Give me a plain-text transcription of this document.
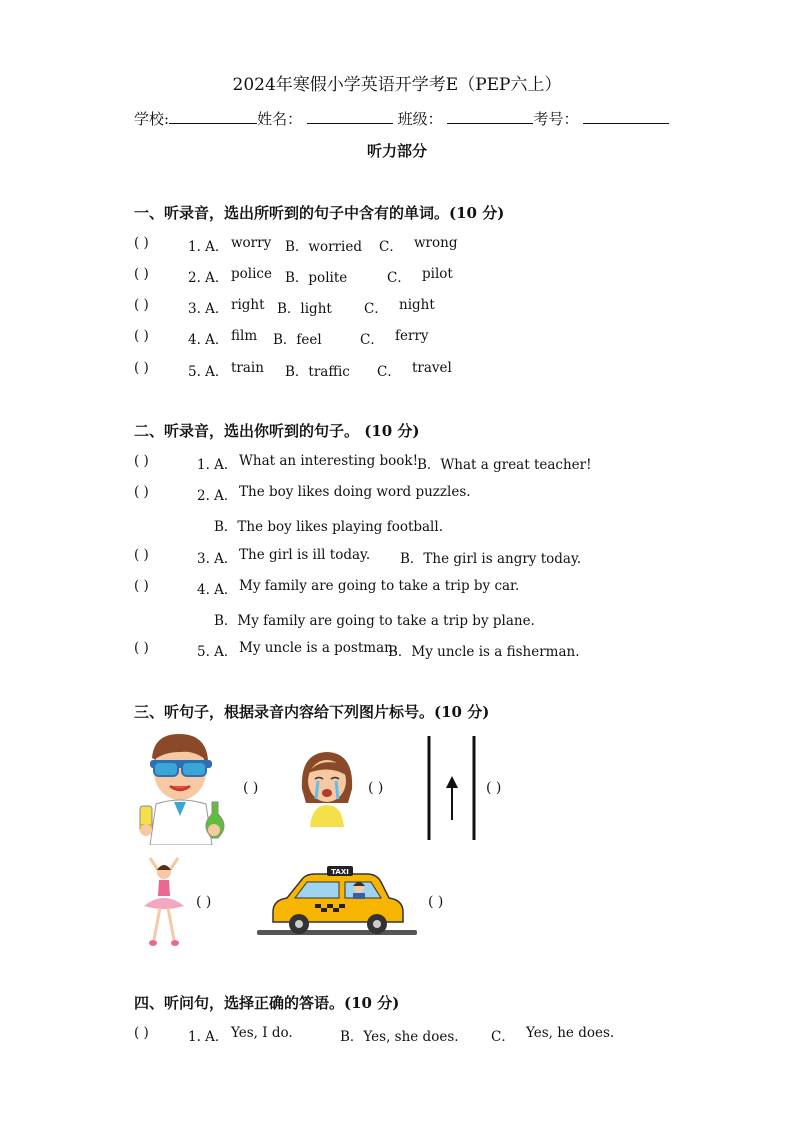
2024年寒假小学英语开学考E（PEP六上）
学校:	姓名：	班级：	考号：
听力部分
一、听录音，选出所听到的句子中含有的单词。(10 分)
( )	1. A． worry B．worried C． wrong
( )	2. A． police B．polite	C． pilot
( )	3. A． right B．light C． night
( )	4. A． film B．feel	C． ferry
( )	5. A． train B．traffic C． travel
二、听录音，选出你听到的句子。 (10 分)
( )	1. A． What an interesting book!
B．What a great teacher!
( )	2. A． The boy likes doing word puzzles.
B．The boy likes playing football.
( )	3. A． The girl is ill today. B．The girl is angry today.
( )	4. A． My family are going to take a trip by car.
B．My family are going to take a trip by plane.
( )	5. A． My uncle is a postman.
B．My uncle is a fisherman.
三、听句子，根据录音内容给下列图片标号。(10 分)
( )	( )	( )
( )
TAXI
( )
四、听问句，选择正确的答语。(10 分)
( )	1. A． Yes, I do.	B．Yes, she does. C． Yes, he does.
